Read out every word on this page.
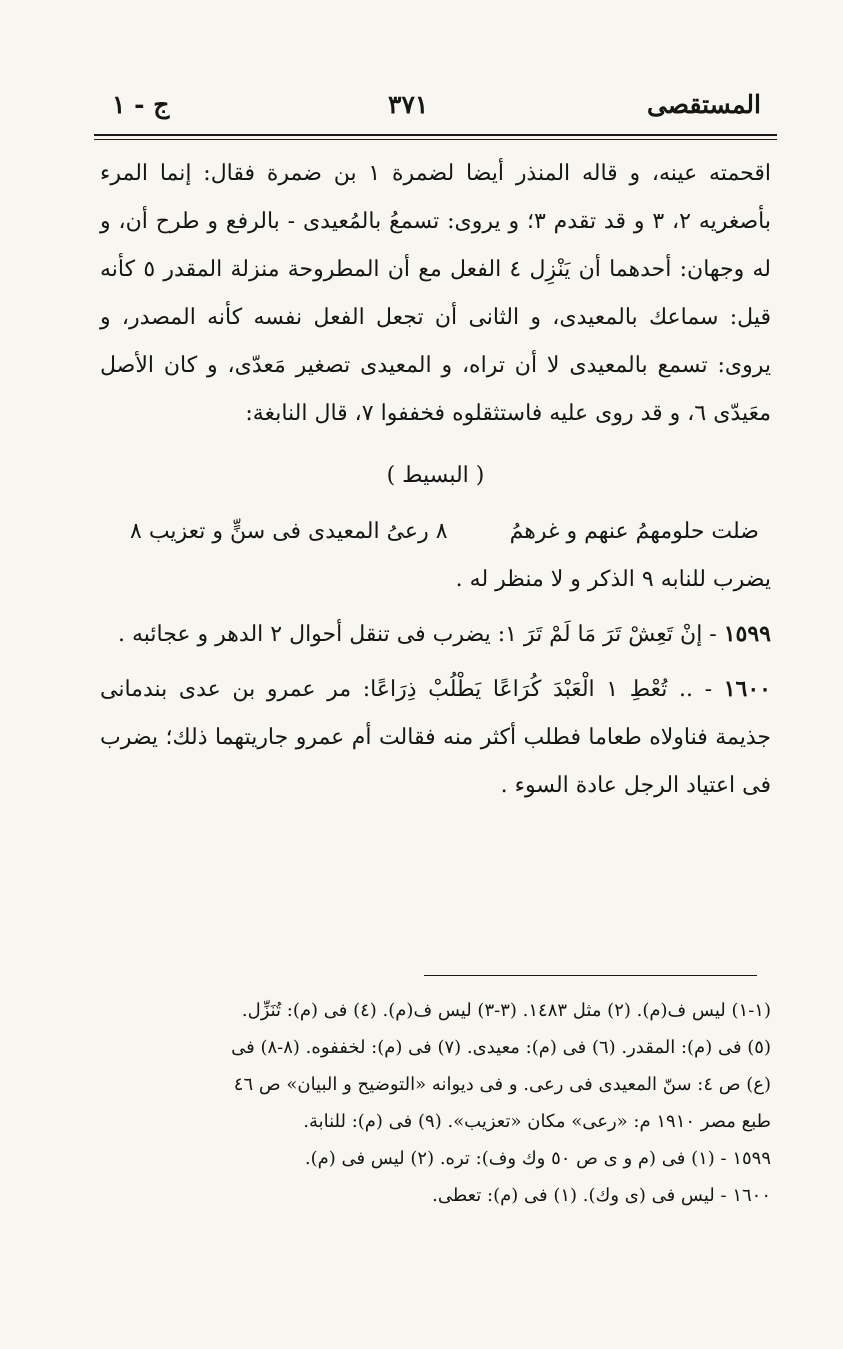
المستقصى
٣٧١
ج - ١

اقحمته عينه، و قاله المنذر أيضا لضمرة ١ بن ضمرة فقال: إنما المرء بأصغريه ٢، ٣ و قد تقدم ٣؛ و يروى: تسمعُ بالمُعيدى - بالرفع و طرح أن، و له وجهان: أحدهما أن يَنْزِل ٤ الفعل مع أن المطروحة منزلة المقدر ٥ كأنه قيل: سماعك بالمعيدى، و الثانى أن تجعل الفعل نفسه كأنه المصدر، و يروى: تسمع بالمعيدى لا أن تراه، و المعيدى تصغير مَعدّى، و كان الأصل معَيدّى ٦، و قد روى عليه فاستثقلوه فخففوا ٧، قال النابغة:

( البسيط )
ضلت حلومهمُ عنهم و غرهمُ
٨ رعىُ المعيدى فى سنٍّ و تعزيب ٨

يضرب للنابه ٩ الذكر و لا منظر له .

١٥٩٩ - إنْ تَعِشْ تَرَ مَا لَمْ تَرَ ١: يضرب فى تنقل أحوال ٢ الدهر و عجائبه .

١٦٠٠ - .. تُعْطِ ١ الْعَبْدَ كُرَاعًا يَطْلُبْ ذِرَاعًا: مر عمرو بن عدى بندمانى جذيمة فناولاه طعاما فطلب أكثر منه فقالت أم عمرو جاريتهما ذلك؛ يضرب فى اعتياد الرجل عادة السوء .

(١-١) ليس ف(م). (٢) مثل ١٤٨٣. (٣-٣) ليس ف(م). (٤) فى (م): تُنَزِّل.

(٥) فى (م): المقدر. (٦) فى (م): معيدى. (٧) فى (م): لخففوه. (٨-٨) فى

(ع) ص ٤: سنّ المعيدى فى رعى. و فى ديوانه «التوضيح و البيان» ص ٤٦

طبع مصر ١٩١٠ م: «رعى» مكان «تعزيب». (٩) فى (م): للنابة.

١٥٩٩ - (١) فى (م و ى ص ٥٠ وك وف): تره. (٢) ليس فى (م).

١٦٠٠ - ليس فى (ى وك). (١) فى (م): تعطى.
